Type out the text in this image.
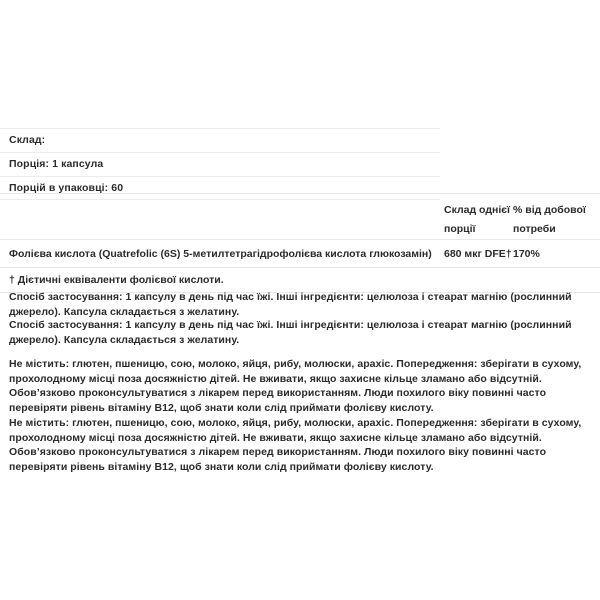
Склад:
Порція: 1 капсула
Порцій в упаковці: 60
Склад однієї порції
% від добової потреби
Фолієва кислота (Quatrefolic (6S) 5-метилтетрагідрофолієва кислота глюкозамін)	680 мкг DFE† 170%
† Дієтичні еквіваленти фолієвої кислоти.
Спосіб застосування: 1 капсулу в день під час їжі. Інші інгредієнти: целюлоза і стеарат магнію (рослинний джерело). Капсула складається з желатину.
Спосіб застосування: 1 капсулу в день під час їжі. Інші інгредієнти: целюлоза і стеарат магнію (рослинний джерело). Капсула складається з желатину.
Не містить: глютен, пшеницю, сою, молоко, яйця, рибу, молюски, арахіс. Попередження: зберігати в сухому, прохолодному місці поза досяжністю дітей. Не вживати, якщо захисне кільце зламано або відсутній. Обов’язково проконсультуватися з лікарем перед використанням. Люди похилого віку повинні часто перевіряти рівень вітаміну B12, щоб знати коли слід приймати фолієву кислоту.
Не містить: глютен, пшеницю, сою, молоко, яйця, рибу, молюски, арахіс. Попередження: зберігати в сухому, прохолодному місці поза досяжністю дітей. Не вживати, якщо захисне кільце зламано або відсутній. Обов’язково проконсультуватися з лікарем перед використанням. Люди похилого віку повинні часто перевіряти рівень вітаміну B12, щоб знати коли слід приймати фолієву кислоту.
